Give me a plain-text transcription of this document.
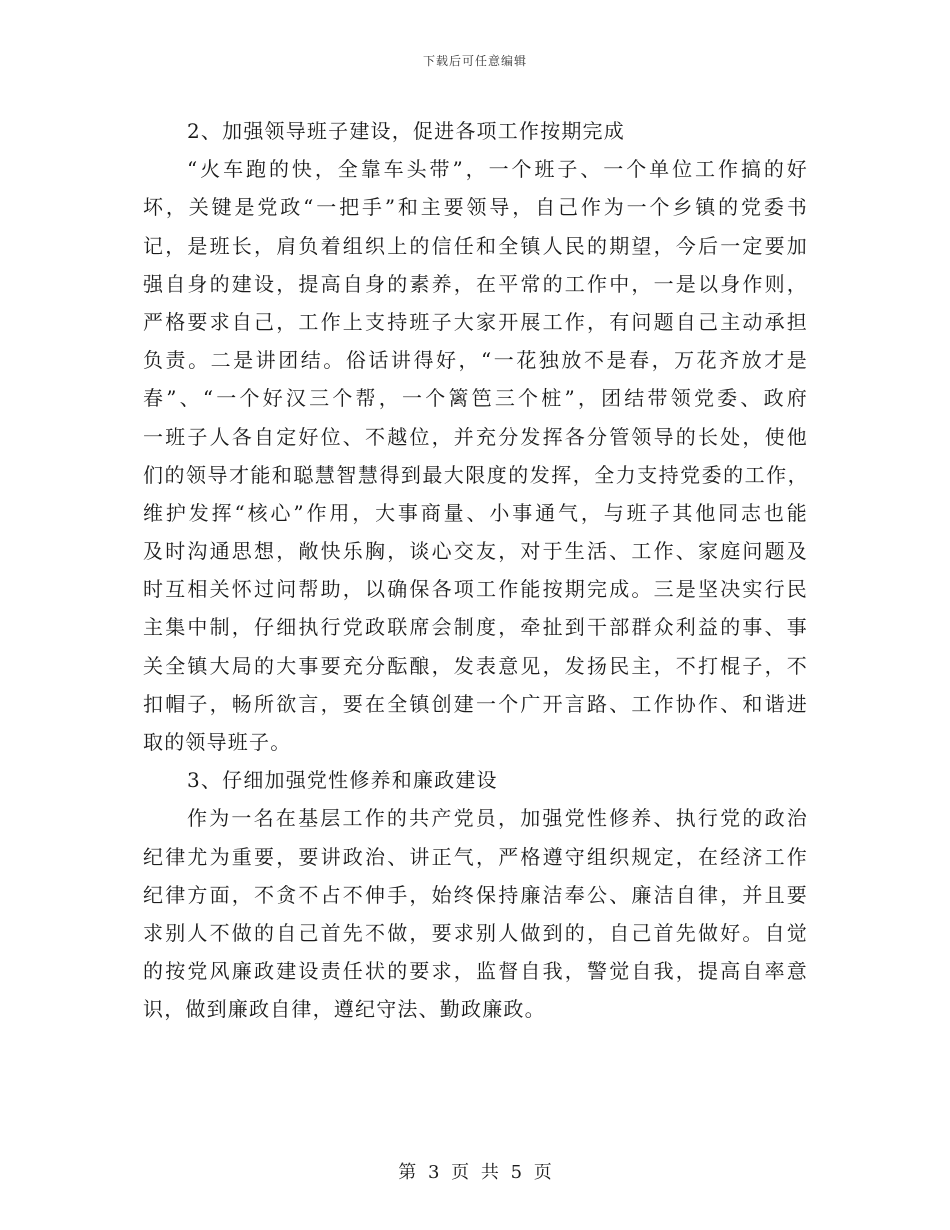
下载后可任意编辑
2、加强领导班子建设，促进各项工作按期完成
“火车跑的快，全靠车头带”，一个班子、一个单位工作搞的好
坏，关键是党政“一把手”和主要领导，自己作为一个乡镇的党委书
记，是班长，肩负着组织上的信任和全镇人民的期望，今后一定要加
强自身的建设，提高自身的素养，在平常的工作中，一是以身作则，
严格要求自己，工作上支持班子大家开展工作，有问题自己主动承担
负责。二是讲团结。俗话讲得好，“一花独放不是春，万花齐放才是
春”、“一个好汉三个帮，一个篱笆三个桩”，团结带领党委、政府
一班子人各自定好位、不越位，并充分发挥各分管领导的长处，使他
们的领导才能和聪慧智慧得到最大限度的发挥，全力支持党委的工作，
维护发挥“核心”作用，大事商量、小事通气，与班子其他同志也能
及时沟通思想，敞快乐胸，谈心交友，对于生活、工作、家庭问题及
时互相关怀过问帮助，以确保各项工作能按期完成。三是坚决实行民
主集中制，仔细执行党政联席会制度，牵扯到干部群众利益的事、事
关全镇大局的大事要充分酝酿，发表意见，发扬民主，不打棍子，不
扣帽子，畅所欲言，要在全镇创建一个广开言路、工作协作、和谐进
取的领导班子。
3、仔细加强党性修养和廉政建设
作为一名在基层工作的共产党员，加强党性修养、执行党的政治
纪律尤为重要，要讲政治、讲正气，严格遵守组织规定，在经济工作
纪律方面，不贪不占不伸手，始终保持廉洁奉公、廉洁自律，并且要
求别人不做的自己首先不做，要求别人做到的，自己首先做好。自觉
的按党风廉政建设责任状的要求，监督自我，警觉自我，提高自率意
识，做到廉政自律，遵纪守法、勤政廉政。
第 3 页 共 5 页
